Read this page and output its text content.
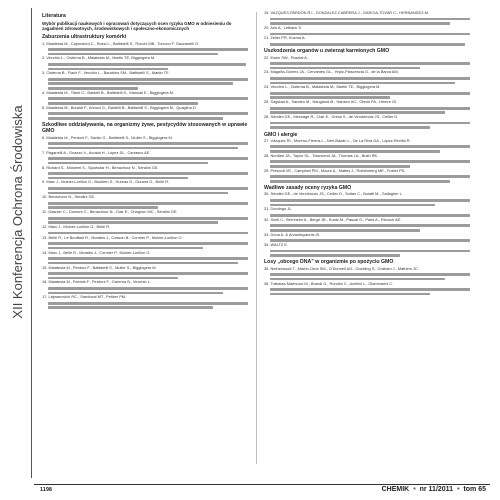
XII Konferencja Ochrona Środowiska
Literatura
Wybór publikacji naukowych i opracowań dotyczących ocen ryzyka GMO w odniesieniu do zagadnień zdrowotnych, środowiskowych i społeczno-ekonomicznych
Zaburzenia ultrastruktury komórki
1. Malatesta M., Caporaloni C., Rossi L., Battistelli S., Rocchi MB., Tonucci F. Gazzanelli G.
2. Vecchio L., Cisterna B., Malatesta M., Martin TE, Biggiogera M.
3. Cisterna B., Flach F., Vecchio L., Barabino SM., Battistelli S., Martin TE.
4. Malatesta M., Tiberi C., Baldelli B., Battistelli S., Manuali E., Biggiogera M.
5. Malatesta M., Boraldi F., Annovi G., Baldelli B., Battistelli S., Biggiogera M., Quaglino D.
Szkodliwe oddziaływania, na organizmy żywe, pestycydów stosowanych w uprawie GMO
6. Malatesta M., Perdoni F., Santin G., Battistelli S., Muller S., Biggiogera M.
7. Paganelli A., Gnazzo V., Acosta H., López SL., Carrasco AE.
8. Richard S., Moslemi S., Sipahutar H., Benachour N., Seralini GE.
9. Marc J., Mulner-Lorillon O., Boulben S., Hureau D., Durand G., Bellé R.
10. Benachour N., Seralini GE.
11. Gasnier C., Dumont C., Benachour N., Clair E., Chagnon MC., Séralini GE.
12. Marc J., Mulner-Lorillon O., Bellé R.
13. Bellé R., Le Bouffant R., Morales J., Cosson B., Cormier P., Mulner-Lorillon O.
14. Marc J., Bellé R., Morales J., Cormier P., Mulner-Lorillon O.
15. Malatesta M., Perdoni F., Battistelli S., Muller S., Biggiogera M.
16. Malatesta M., Pahinis F., Perdoni F., Cisterna B., Vecchio L.
17. Lajmanovich RC., Sandoval MT., Peltzer PM.
19. VAZQUES-PARDON R.I., GONZALEZ-CABRERA J., GARCIA-TOVAR C., HERNANDEZ-M.
20. Aris A., Leblanc S.
21. Zeller PR, Kuzma A.
Uszkodzenia organów u zwierząt karmionych GMO
22. Ewen SW., Pusztai A.
23. Magaña-Gómez JA., Cervantes GL., Yepiz-Plascencia G., de la Barca AM.
24. Vecchio L., Cisterna B., Malatesta M., Martin TE., Biggiogera M.
25. Sagstad A., Sanden M., Haugland Ø., Hansen AC., Olsvik PA., Hemre GI.
26. Séralini GE., Mesnage R., Clair E., Gress S., de Vendômois JS., Cellier D.
GMO i alergie
27. Vázquez RI., Moreno-Fierros L., Neri-Bazán L., De La Riva GA., López-Revilla R.
28. Nordlee JA., Taylor SL., Townsend JA., Thomas LA., Bush RK.
29. Prescott VE., Campbell PM., Moore A., Mattes J., Rothenberg ME., Foster PS.
Wadliwe zasady oceny ryzyka GMO
30. Séralini GE., de Vendômois JS., Cellier D., Sultan C., Buiatti M., Gallagher L.
31. Domingo JL.
32. Snell C., Bernheim A., Bergé JB., Kuntz M., Pascal G., Paris A., Ricroch AE.
33. Dona A. & Arvanitoyannis IS.
34. WALTZ E.
Losy „obcego DNA” w organizmie po spożyciu GMO
35. Netherwood T., Martín-Orúe SM., O'Donnell AG., Gockling S., Graham J., Mathers JC.
36. Trabalza-Marinucci M., Brandi G., Rondini C., Avellini L., Giammarini C.
1198	CHEMIK • nr 11/2011 • tom 65
